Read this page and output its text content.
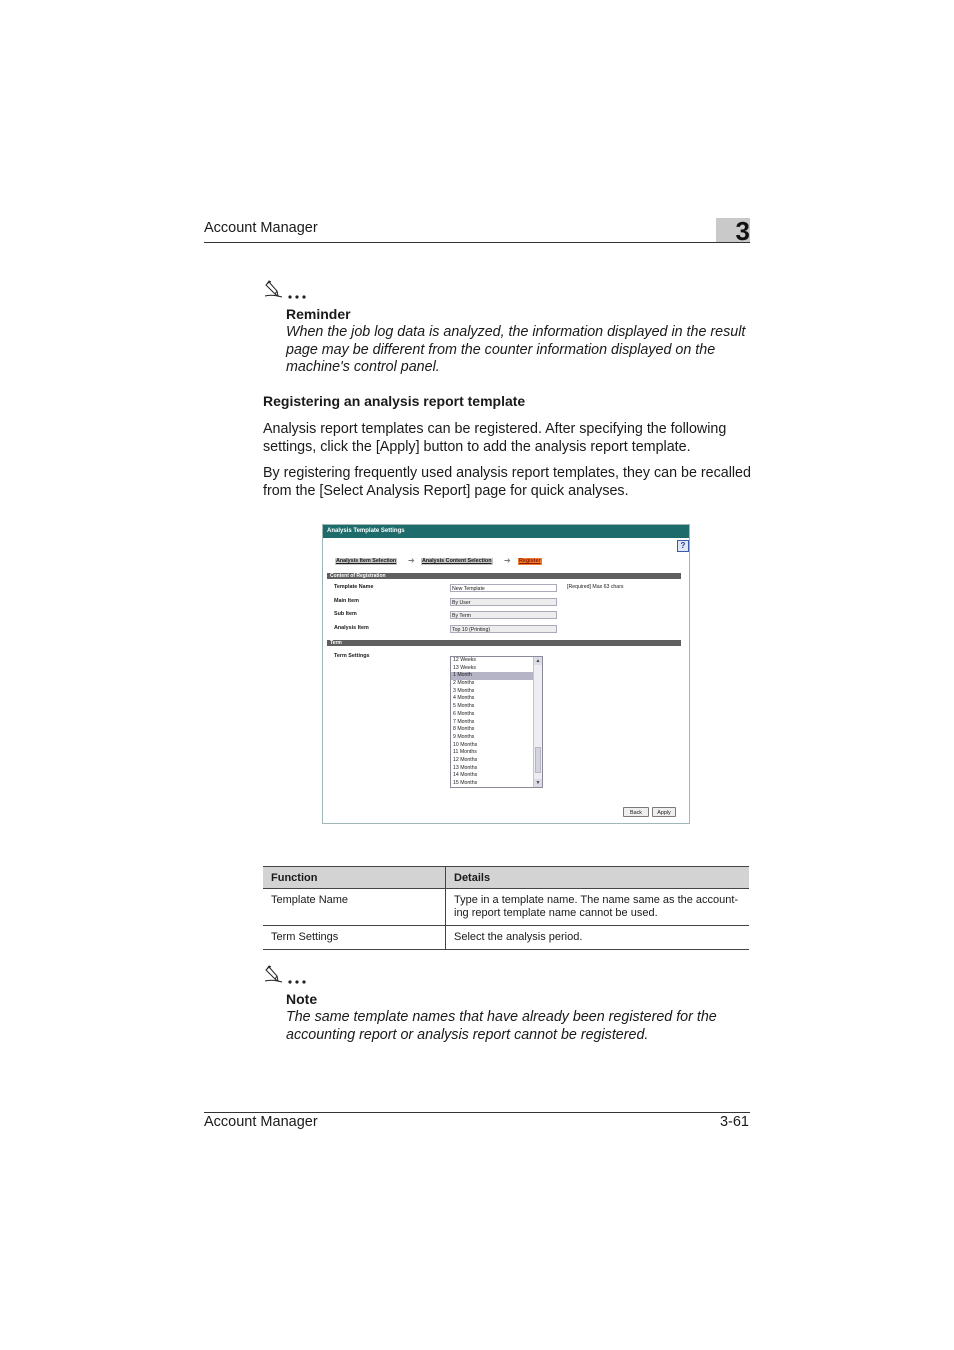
Account Manager	3
Reminder
When the job log data is analyzed, the information displayed in the result page may be different from the counter information displayed on the machine's control panel.
Registering an analysis report template
Analysis report templates can be registered. After specifying the following settings, click the [Apply] button to add the analysis report template.
By registering frequently used analysis report templates, they can be recalled from the [Select Analysis Report] page for quick analyses.
Analysis Template Settings
?
Analysis Item Selection ➔ Analysis Content Selection ➔ Register
Content of Registration
Template Name	New Template	[Required] Max 63 chars
Main Item	By User
Sub Item	By Term
Analysis Item	Top 10 (Printing)
Term
Term Settings
12 Weeks
13 Weeks
1 Month
2 Months
3 Months
4 Months
5 Months
6 Months
7 Months
8 Months
9 Months
10 Months
11 Months
12 Months
13 Months
14 Months
15 Months
▲
▼
Back	Apply
Function	Details
Template Name	Type in a template name. The name same as the account-ing report template name cannot be used.
Term Settings	Select the analysis period.
Note
The same template names that have already been registered for the accounting report or analysis report cannot be registered.
Account Manager	3-61
